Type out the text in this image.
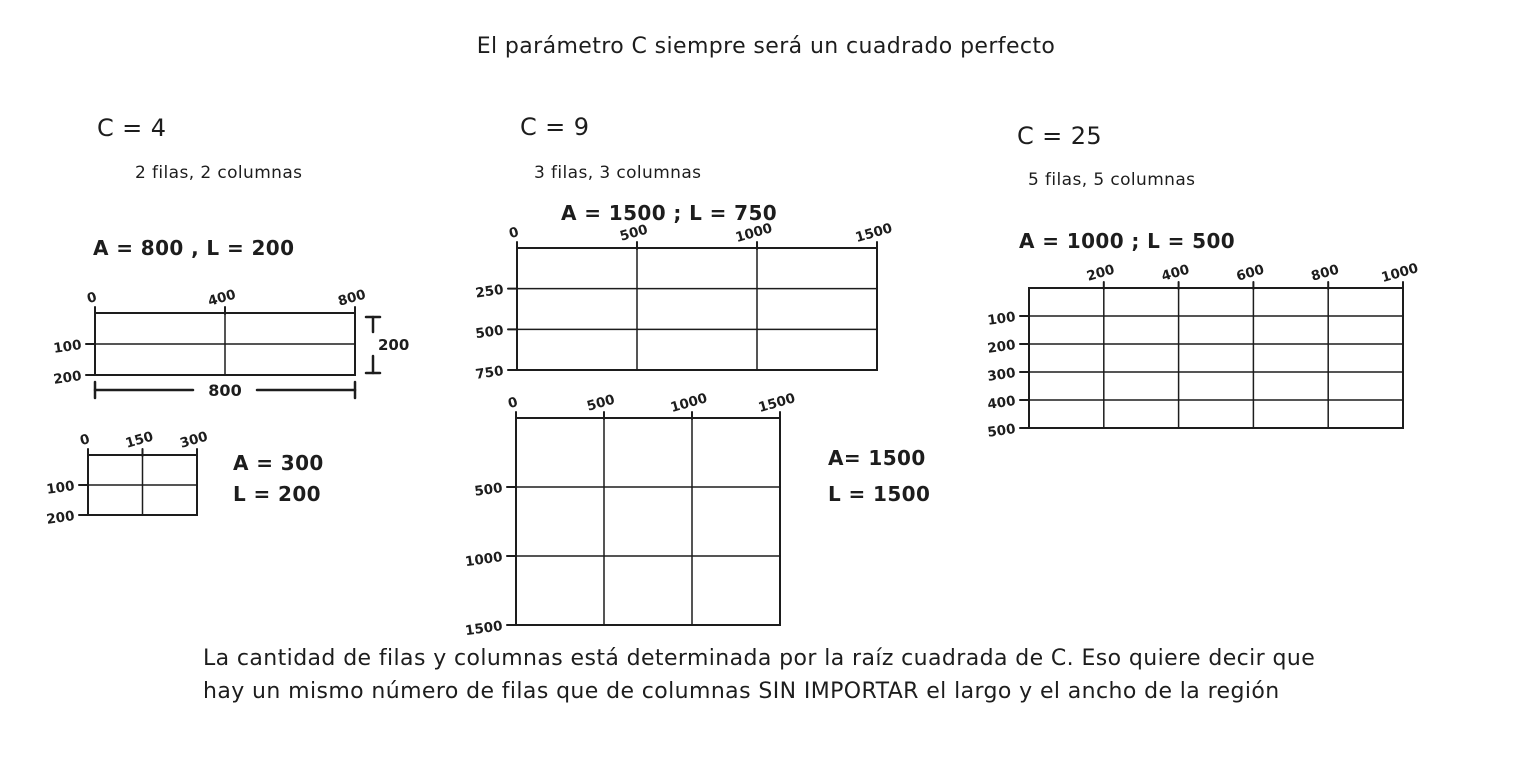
El parámetro C siempre será un cuadrado perfecto
C = 4
2 filas, 2 columnas
A = 800 , L = 200
0	400	800
100
200
800
200
0 150 300
100
200
A = 300
L = 200
C = 9
3 filas, 3 columnas
A = 1500 ; L = 750
0	500	1000	1500
250
500
750
0	500	1000	1500
500
1000
1500
A= 1500
L = 1500
C = 25
5 filas, 5 columnas
A = 1000 ; L = 500
200	400	600	800	1000
100
200
300
400
500
La cantidad de filas y columnas está determinada por la raíz cuadrada de C. Eso quiere decir que
hay un mismo número de filas que de columnas SIN IMPORTAR el largo y el ancho de la región
